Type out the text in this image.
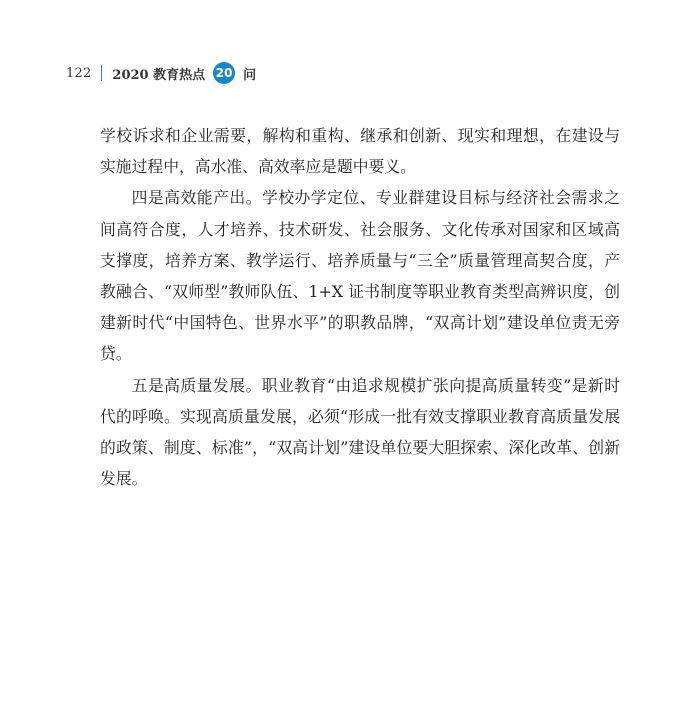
122 2020 教育热点 20 问

学校诉求和企业需要，解构和重构、继承和创新、现实和理想，在建设与实施过程中，高水准、高效率应是题中要义。

四是高效能产出。学校办学定位、专业群建设目标与经济社会需求之间高符合度，人才培养、技术研发、社会服务、文化传承对国家和区域高支撑度，培养方案、教学运行、培养质量与“三全”质量管理高契合度，产教融合、“双师型”教师队伍、1+X 证书制度等职业教育类型高辨识度，创建新时代“中国特色、世界水平”的职教品牌，“双高计划”建设单位责无旁贷。

五是高质量发展。职业教育“由追求规模扩张向提高质量转变”是新时代的呼唤。实现高质量发展，必须“形成一批有效支撑职业教育高质量发展的政策、制度、标准”，“双高计划”建设单位要大胆探索、深化改革、创新发展。
